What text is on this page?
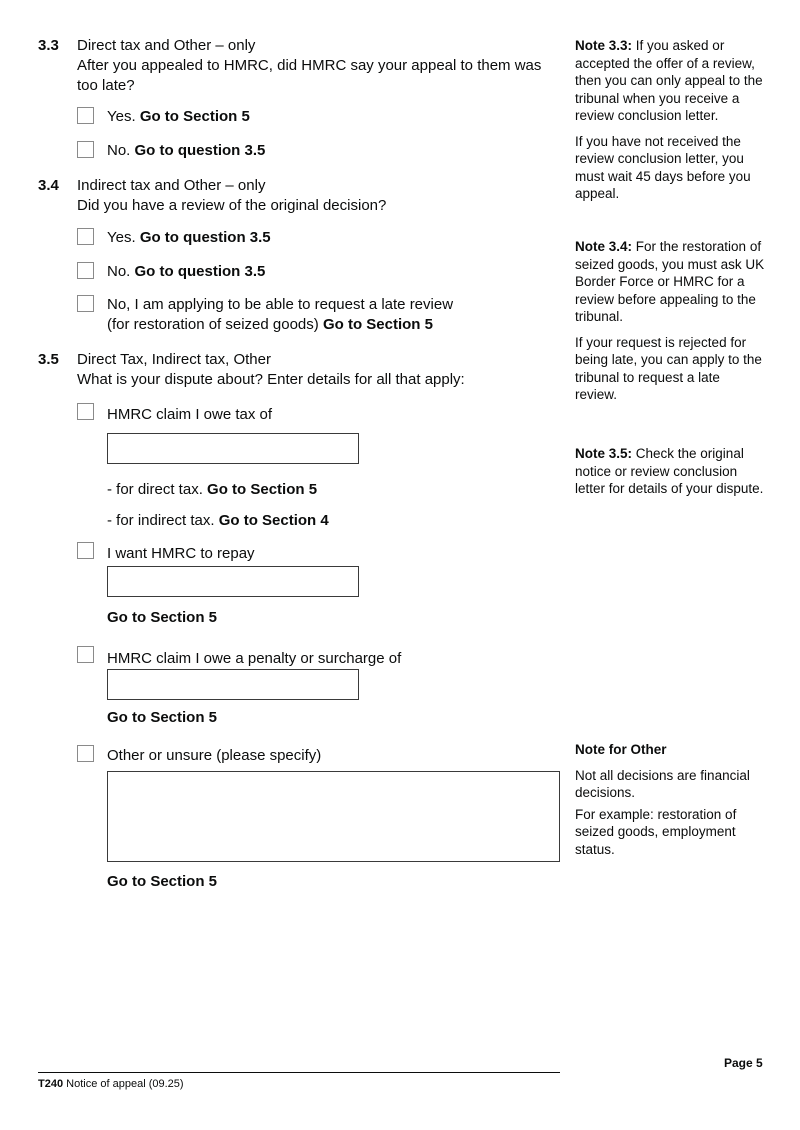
3.3 Direct tax and Other – only
After you appealed to HMRC, did HMRC say your appeal to them was too late?
Yes. Go to Section 5
No. Go to question 3.5
3.4 Indirect tax and Other – only
Did you have a review of the original decision?
Yes. Go to question 3.5
No. Go to question 3.5
No, I am applying to be able to request a late review
(for restoration of seized goods) Go to Section 5
3.5 Direct Tax, Indirect tax, Other
What is your dispute about? Enter details for all that apply:
HMRC claim I owe tax of
- for direct tax. Go to Section 5
- for indirect tax. Go to Section 4
I want HMRC to repay
Go to Section 5
HMRC claim I owe a penalty or surcharge of
Go to Section 5
Other or unsure (please specify)
Go to Section 5
Note 3.3: If you asked or accepted the offer of a review, then you can only appeal to the tribunal when you receive a review conclusion letter.
If you have not received the review conclusion letter, you must wait 45 days before you appeal.
Note 3.4: For the restoration of seized goods, you must ask UK Border Force or HMRC for a review before appealing to the tribunal.
If your request is rejected for being late, you can apply to the tribunal to request a late review.
Note 3.5: Check the original notice or review conclusion letter for details of your dispute.
Note for Other
Not all decisions are financial decisions.
For example: restoration of seized goods, employment status.
Page 5
T240 Notice of appeal (09.25)
